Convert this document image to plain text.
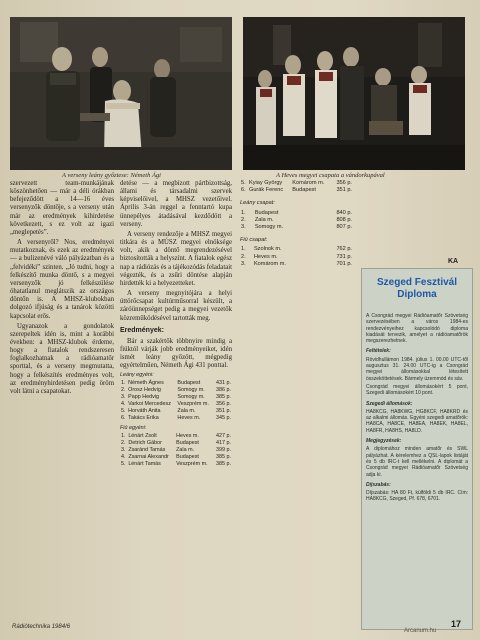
A verseny leány győztese: Németh Ági	A Heves megyei csapata a vándorkupával

szervezett team-munkájának köszönhetően — már a déli órákban befejeződött a 14—16 éves versenyzők döntője, s a verseny után már az eredmények kihirdetése következett, s ez volt az igazi „meglepetés”.

A versenyről? Nos, eredményei mutatkoznak, és ezek az eredmények — a bulizenévé váló pályázatban és a „felvidéki” szinten. „Jó tudni, hogy a felkészítő munka döntő, s a megyei versenyzők jó felkészülése óhatatlanul meglátszik az országos döntőn is. A MHSZ-klubokban dolgozó ifjúság és a tanárok közötti kapcsolat erős.

Ugyanazok a gondolatok szerepeltek idén is, mint a korábbi években: a MHSZ-klubok érdeme, hogy a fiatalok rendszeresen foglalkozhatnak a rádióamatőr sporttal, és a verseny megmutatta, hogy a felkészítés eredményes volt, az eredményhirdetésen pedig öröm volt látni a csapatokat.

detése — a megbízott pártbizottság, állami és társadalmi szervek képviselőivel, a MHSZ vezetőivel. Április 3-án reggel a fenntartó kupa ünnepélyes átadásával kezdődött a verseny.

A verseny rendezője a MHSZ megyei titkára és a MÚSZ megyei elnöksége volt, akik a döntő megrendezésével biztosították a helyszínt. A fiatalok egész nap a rádiózás és a tájékozódás feladatait végezték, és a zsűri döntése alapján hirdették ki a helyezetteket.

A verseny megnyitójára a helyi úttörőcsapat kultúrműsorral készült, a záróünnepséget pedig a megyei vezetők közreműködésével tartották meg.

Eredmények:

Bár a szakértők többnyire mindig a fiúktól várják jobb eredményeiket, idén ismét leány győzött, mégpedig egyértelműen, Németh Ági 431 ponttal.

Leány egyéni:
1.	Németh Ágnes	Budapest	431 p.
2.	Orosz Hedvig	Somogy m.	386 p.
3.	Papp Hedvig	Somogy m.	385 p.
4.	Varkoi Mercedesz	Veszprém m.	356 p.
5.	Horváth Anita	Zala m.	351 p.
6.	Takács Erika	Heves m.	345 p.
Fiú egyéni:
1.	Lénárt Zsolt	Heves m.	427 p.
2.	Detrich Gábor	Budapest	417 p.
3.	Zsaránd Tamás	Zala m.	399 p.
4.	Zsarnai Alexandr	Budapest	385 p.
5.	Lénárt Tamás	Veszprém m.	385 p.
5.	Kyiay György	Komárom m.	356 p.
6.	Gurák Ferenc	Budapest	351 p.
Leány csapat:
1.	Budapest	840 p.
2.	Zala m.	808 p.
3.	Somogy m.	807 p.
Fiú csapat:
1.	Szolnok m.	762 p.
2.	Heves m.	731 p.
3.	Komárom m.	701 p.	KA
Szeged Fesztivál
Diploma

A Csongrád megyei Rádióamatőr Szövetség szervezésében a város 1984-es rendezvényeihez kapcsolódó diploma kiadását tervezik, amelyet a rádióamatőrök megszerezhetnek.

Feltételek:

Rövidhullámon 1984. július 1. 00.00 UTC-től augusztus 31. 24.00 UTC-ig a Csongrád megyei állomásokkal létesített összeköttetések. Bármely üzemmód és sáv.

Csongrád megyei állomásokért 5 pont, Szegedi állomásokért 10 pont.

Szegedi állomások:

HA8KCG, HA8KWG, HG8KCF, HA8KRD és az alkalmi állomás. Egyéni szegedi amatőrök: HA8CA, HA8CE, HA8EA, HA8EK, HA8EL, HA8FR, HA8HS, HA8LD.

Megjegyzések:

A diplomához minden amatőr és SWL pályázhat. A kérelemhez a QSL-lapok listáját és 5 db IRC-t kell mellékelni. A diplomát a Csongrád megyei Rádióamatőr Szövetség adja ki.

Díjszabás:

Díjszabás: HA 80 Ft, külföldi 5 db IRC. Cím: HA8KCG, Szeged, Pf. 678, 6701.

Rádiótechnika 1984/6	17
Arcanum.hu
